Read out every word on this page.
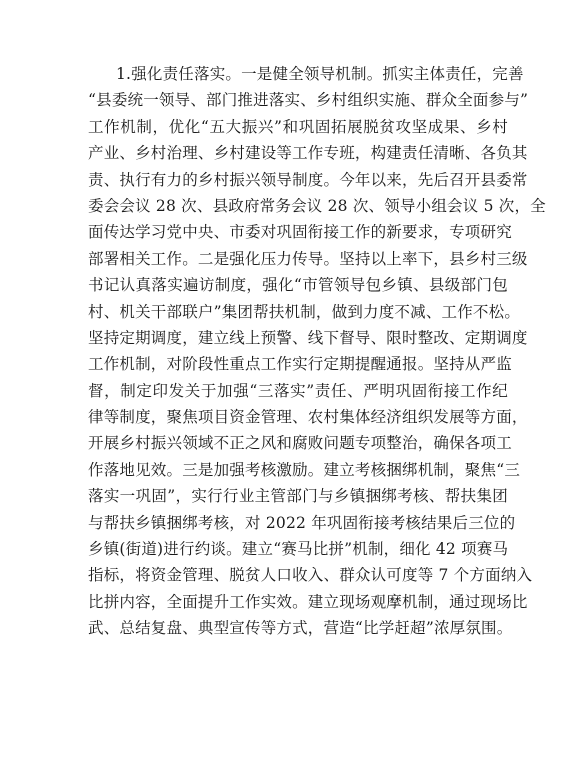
1.强化责任落实。一是健全领导机制。抓实主体责任，完善
“县委统一领导、部门推进落实、乡村组织实施、群众全面参与”
工作机制，优化“五大振兴”和巩固拓展脱贫攻坚成果、乡村
产业、乡村治理、乡村建设等工作专班，构建责任清晰、各负其
责、执行有力的乡村振兴领导制度。今年以来，先后召开县委常
委会会议 28 次、县政府常务会议 28 次、领导小组会议 5 次，全
面传达学习党中央、市委对巩固衔接工作的新要求，专项研究
部署相关工作。二是强化压力传导。坚持以上率下，县乡村三级
书记认真落实遍访制度，强化“市管领导包乡镇、县级部门包
村、机关干部联户”集团帮扶机制，做到力度不减、工作不松。
坚持定期调度，建立线上预警、线下督导、限时整改、定期调度
工作机制，对阶段性重点工作实行定期提醒通报。坚持从严监
督，制定印发关于加强“三落实”责任、严明巩固衔接工作纪
律等制度，聚焦项目资金管理、农村集体经济组织发展等方面，
开展乡村振兴领域不正之风和腐败问题专项整治，确保各项工
作落地见效。三是加强考核激励。建立考核捆绑机制，聚焦“三
落实一巩固”，实行行业主管部门与乡镇捆绑考核、帮扶集团
与帮扶乡镇捆绑考核，对 2022 年巩固衔接考核结果后三位的
乡镇(街道)进行约谈。建立“赛马比拼”机制，细化 42 项赛马
指标，将资金管理、脱贫人口收入、群众认可度等 7 个方面纳入
比拼内容，全面提升工作实效。建立现场观摩机制，通过现场比
武、总结复盘、典型宣传等方式，营造“比学赶超”浓厚氛围。
